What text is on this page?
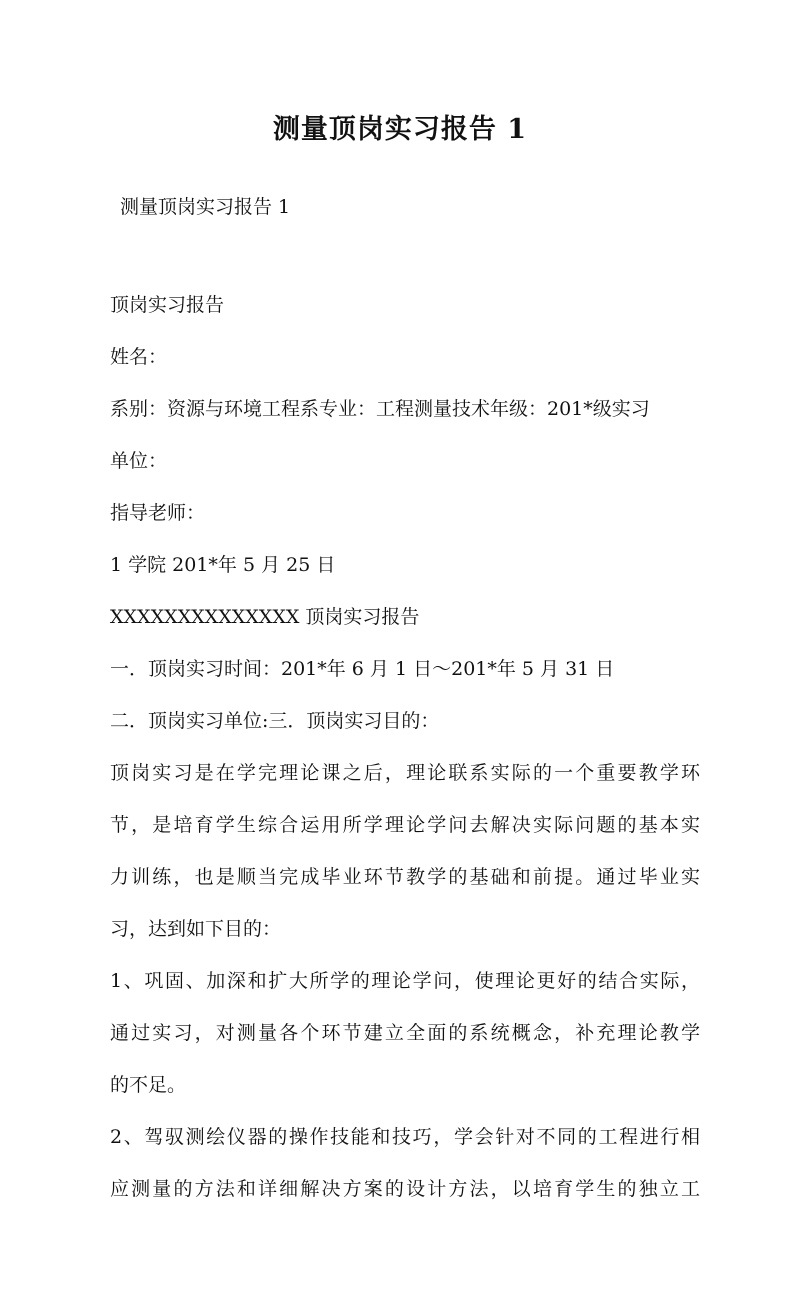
测量顶岗实习报告 1
测量顶岗实习报告 1
顶岗实习报告
姓名：
系别：资源与环境工程系专业：工程测量技术年级：201*级实习
单位：
指导老师：
1 学院 201*年 5 月 25 日
XXXXXXXXXXXXXX 顶岗实习报告
一．顶岗实习时间：201*年 6 月 1 日～201*年 5 月 31 日
二．顶岗实习单位:三．顶岗实习目的：
顶岗实习是在学完理论课之后，理论联系实际的一个重要教学环
节，是培育学生综合运用所学理论学问去解决实际问题的基本实
力训练，也是顺当完成毕业环节教学的基础和前提。通过毕业实
习，达到如下目的：
1、巩固、加深和扩大所学的理论学问，使理论更好的结合实际，
通过实习，对测量各个环节建立全面的系统概念，补充理论教学
的不足。
2、驾驭测绘仪器的操作技能和技巧，学会针对不同的工程进行相
应测量的方法和详细解决方案的设计方法，以培育学生的独立工
